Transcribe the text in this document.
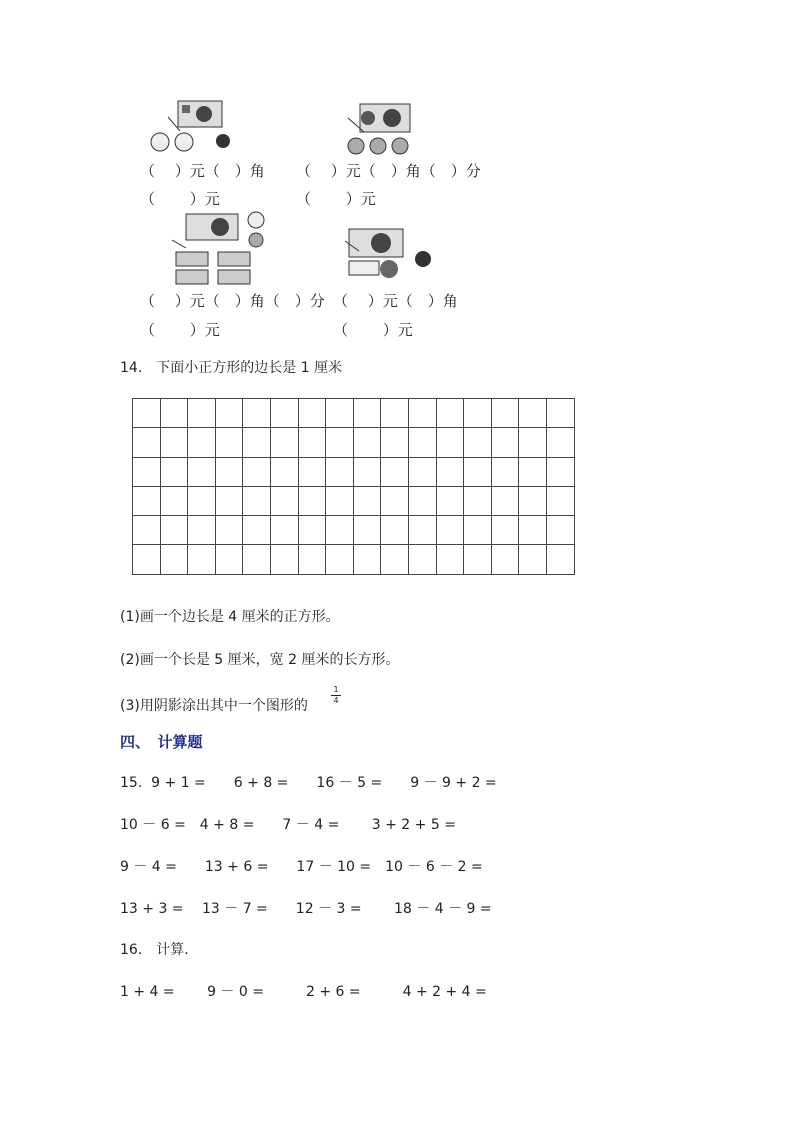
（　 ）元（　）角
（　　 ）元
（　 ）元（　）角（　）分
（　　 ）元
（　 ）元（　）角（　）分
（　　 ）元
（　 ）元（　）角
（　　 ）元
14.　下面小正方形的边长是 1 厘米

(1)画一个边长是 4 厘米的正方形。
(2)画一个长是 5 厘米，宽 2 厘米的长方形。
(3)用阴影涂出其中一个图形的
1
4
四、　计算题
15.  9 + 1 =　　6 + 8 =　　16 － 5 =　　9 － 9 + 2 =
10 － 6 =　4 + 8 =　　7 － 4 =　　 3 + 2 + 5 =
9 － 4 =　　13 + 6 =　　17 － 10 =　10 － 6 － 2 =
13 + 3 =　 13 － 7 =　　12 － 3 =　　 18 － 4 － 9 =
16.　计算．
1 + 4 =　　 9 － 0 =　　　2 + 6 =　　　4 + 2 + 4 =
